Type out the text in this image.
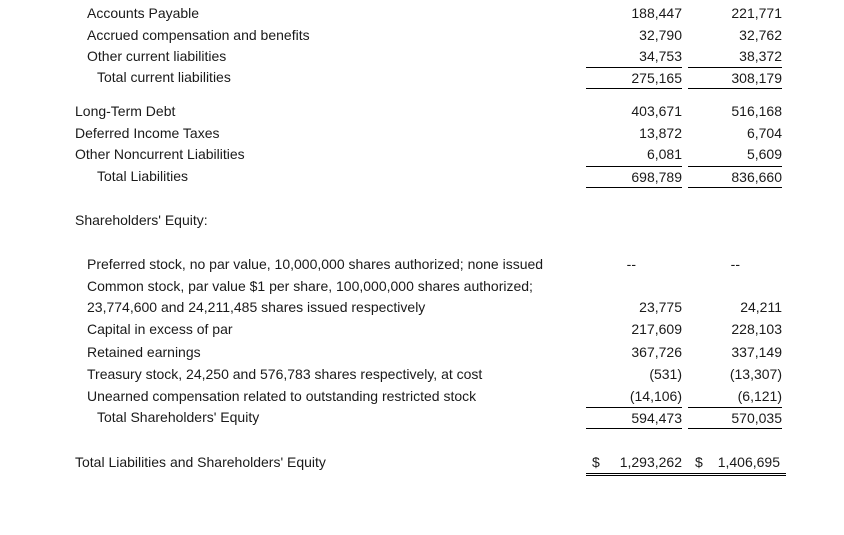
Accounts Payable	188,447	221,771
Accrued compensation and benefits	32,790	32,762
Other current liabilities	34,753	38,372
Total current liabilities	275,165	308,179
Long-Term Debt	403,671	516,168
Deferred Income Taxes	13,872	6,704
Other Noncurrent Liabilities	6,081	5,609
Total Liabilities	698,789	836,660
Shareholders' Equity:
Preferred stock, no par value, 10,000,000 shares authorized; none issued	--	--
Common stock, par value $1 per share, 100,000,000 shares authorized;
23,774,600 and 24,211,485 shares issued respectively	23,775	24,211
Capital in excess of par	217,609	228,103
Retained earnings	367,726	337,149
Treasury stock, 24,250 and 576,783 shares respectively, at cost	(531)	(13,307)
Unearned compensation related to outstanding restricted stock	(14,106)	(6,121)
Total Shareholders' Equity	594,473	570,035
Total Liabilities and Shareholders' Equity	$	1,293,262 $	1,406,695
